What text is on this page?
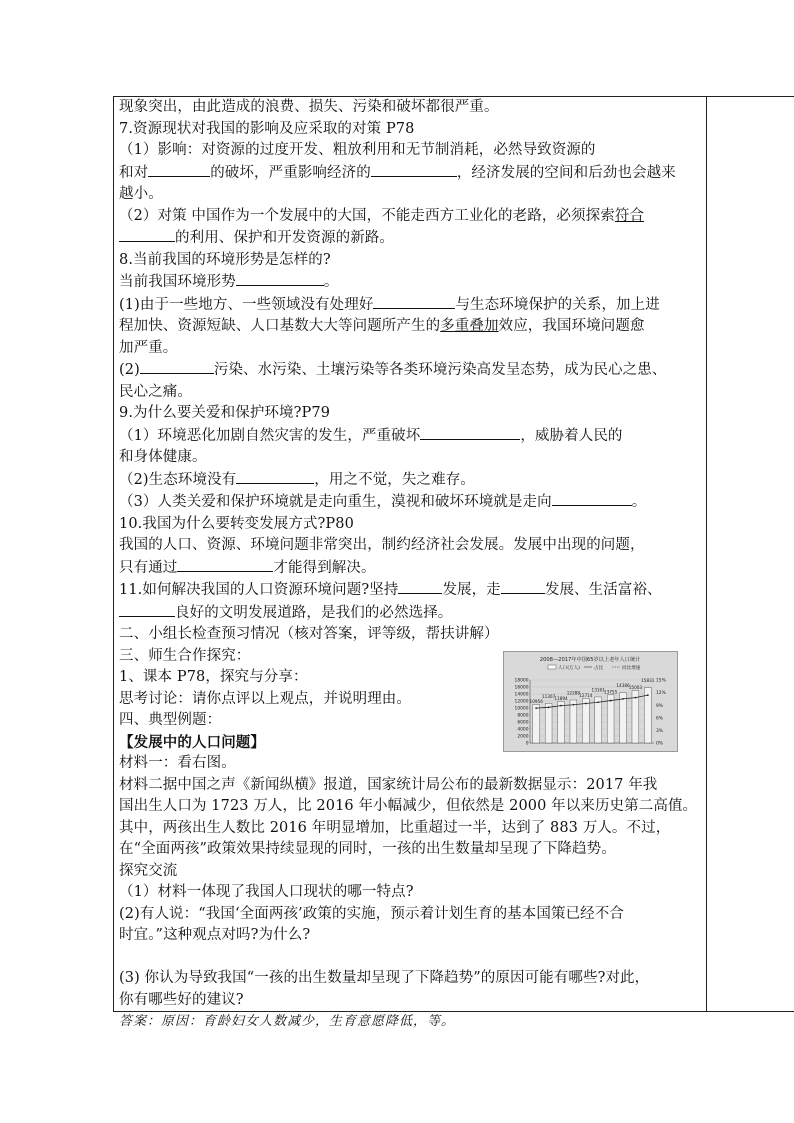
现象突出，由此造成的浪费、损失、污染和破坏都很严重。
7.资源现状对我国的影响及应采取的对策 P78
（1）影响：对资源的过度开发、粗放利用和无节制消耗，必然导致资源的
和对	的破坏，严重影响经济的	，经济发展的空间和后劲也会越来
越小。
（2）对策 中国作为一个发展中的大国，不能走西方工业化的老路，必须探索符合
的利用、保护和开发资源的新路。
8.当前我国的环境形势是怎样的?
当前我国环境形势	。
(1)由于一些地方、一些领域没有处理好	与生态环境保护的关系，加上进
程加快、资源短缺、人口基数大大等问题所产生的多重叠加效应，我国环境问题愈
加严重。
(2)	污染、水污染、土壤污染等各类环境污染高发呈态势，成为民心之患、
民心之痛。
9.为什么要关爱和保护环境?P79
（1）环境恶化加剧自然灾害的发生，严重破坏	，威胁着人民的
和身体健康。
（2)生态环境没有	，用之不觉，失之难存。
（3）人类关爱和保护环境就是走向重生，漠视和破坏环境就是走向	。
10.我国为什么要转变发展方式?P80
我国的人口、资源、环境问题非常突出，制约经济社会发展。发展中出现的问题，
只有通过	才能得到解决。
11.如何解决我国的人口资源环境问题?坚持	发展，走	发展、生活富裕、
良好的文明发展道路，是我们的必然选择。
二、小组长检查预习情况（核对答案，评等级，帮扶讲解）
三、师生合作探究：
1、课本 P78，探究与分享：
思考讨论：请你点评以上观点，并说明理由。
四、典型例题：
【发展中的人口问题】
材料一：看右图。
材料二据中国之声《新闻纵横》报道，国家统计局公布的最新数据显示：2017 年我
国出生人口为 1723 万人，比 2016 年小幅减少，但依然是 2000 年以来历史第二高值。
其中，两孩出生人数比 2016 年明显增加，比重超过一半，达到了 883 万人。不过，
在“全面两孩”政策效果持续显现的同时，一孩的出生数量却呈现了下降趋势。
探究交流
（1）材料一体现了我国人口现状的哪一特点?
(2)有人说：“我国‘全面两孩’政策的实施，预示着计划生育的基本国策已经不合
时宜。”这种观点对吗?为什么?

(3) 你认为导致我国“一孩的出生数量却呈现了下降趋势”的原因可能有哪些?对此，
你有哪些好的建议?
答案：原因：育龄妇女人数减少，生育意愿降低，等。
2008—2017年中国65岁以上老年人口统计
人口(万人)	占比	同比增速
18000
16000
14000
12000
10000
8000
6000
4000
2000
0
15%
12%
9%
6%
3%
0%
10956
11307 11894
12288
12714
13161 13755
14386 15003
15831
